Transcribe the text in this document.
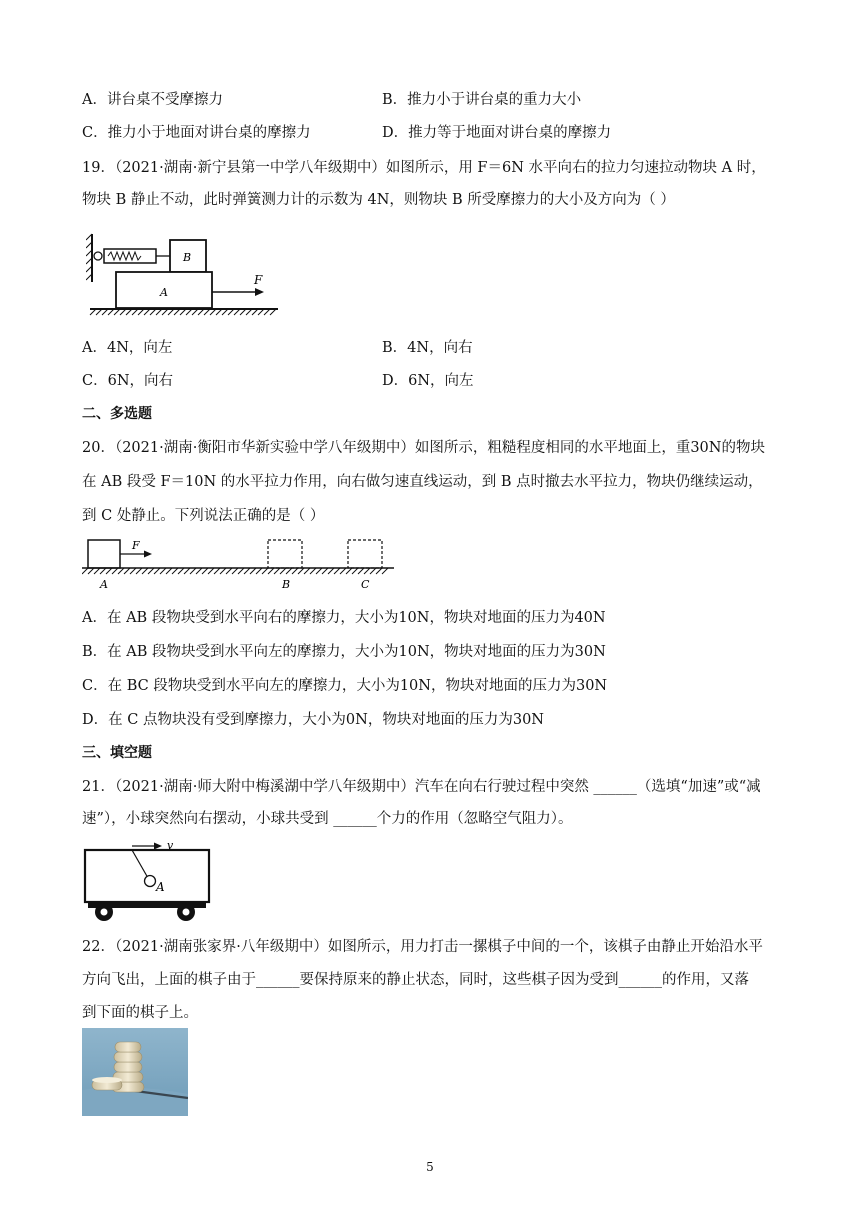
A．讲台桌不受摩擦力	B．推力小于讲台桌的重力大小
C．推力小于地面对讲台桌的摩擦力	D．推力等于地面对讲台桌的摩擦力
19．（2021·湖南·新宁县第一中学八年级期中）如图所示，用 F＝6N 水平向右的拉力匀速拉动物块 A 时，
物块 B 静止不动，此时弹簧测力计的示数为 4N，则物块 B 所受摩擦力的大小及方向为（ ）
B
A
F
A．4N，向左	B．4N，向右
C．6N，向右	D．6N，向左
二、多选题
20．（2021·湖南·衡阳市华新实验中学八年级期中）如图所示，粗糙程度相同的水平地面上，重30N的物块
在 AB 段受 F＝10N 的水平拉力作用，向右做匀速直线运动，到 B 点时撤去水平拉力，物块仍继续运动，
到 C 处静止。下列说法正确的是（ ）
F
A	B	C
A．在 AB 段物块受到水平向右的摩擦力，大小为10N，物块对地面的压力为40N
B．在 AB 段物块受到水平向左的摩擦力，大小为10N，物块对地面的压力为30N
C．在 BC 段物块受到水平向左的摩擦力，大小为10N，物块对地面的压力为30N
D．在 C 点物块没有受到摩擦力，大小为0N，物块对地面的压力为30N
三、填空题
21．（2021·湖南·师大附中梅溪湖中学八年级期中）汽车在向右行驶过程中突然 ______（选填“加速”或“减
速”），小球突然向右摆动，小球共受到 ______个力的作用（忽略空气阻力）。
v
A
22．（2021·湖南张家界·八年级期中）如图所示，用力打击一摞棋子中间的一个，该棋子由静止开始沿水平
方向飞出，上面的棋子由于______要保持原来的静止状态，同时，这些棋子因为受到______的作用，又落
到下面的棋子上。
5
